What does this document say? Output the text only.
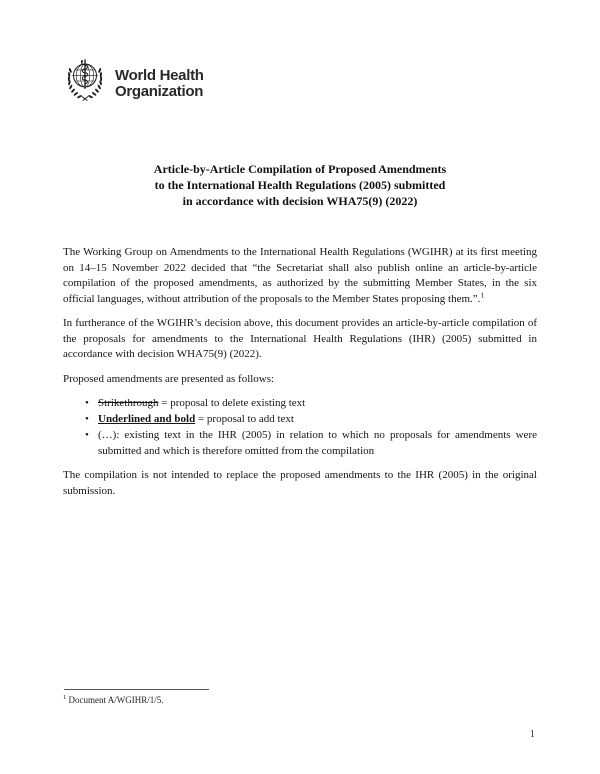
World Health
Organization
Article-by-Article Compilation of Proposed Amendments
to the International Health Regulations (2005) submitted
in accordance with decision WHA75(9) (2022)

The Working Group on Amendments to the International Health Regulations (WGIHR) at its first meeting on 14–15 November 2022 decided that “the Secretariat shall also publish online an article-by-article compilation of the proposed amendments, as authorized by the submitting Member States, in the six official languages, without attribution of the proposals to the Member States proposing them.”.$^1$

In furtherance of the WGIHR’s decision above, this document provides an article-by-article compilation of the proposals for amendments to the International Health Regulations (IHR) (2005) submitted in accordance with decision WHA75(9) (2022).

Proposed amendments are presented as follows:

• Strikethrough = proposal to delete existing text
• Underlined and bold = proposal to add text
• (…): existing text in the IHR (2005) in relation to which no proposals for amendments were submitted and which is therefore omitted from the compilation

The compilation is not intended to replace the proposed amendments to the IHR (2005) in the original submission.

$^1$ Document A/WGIHR/1/5.
1
